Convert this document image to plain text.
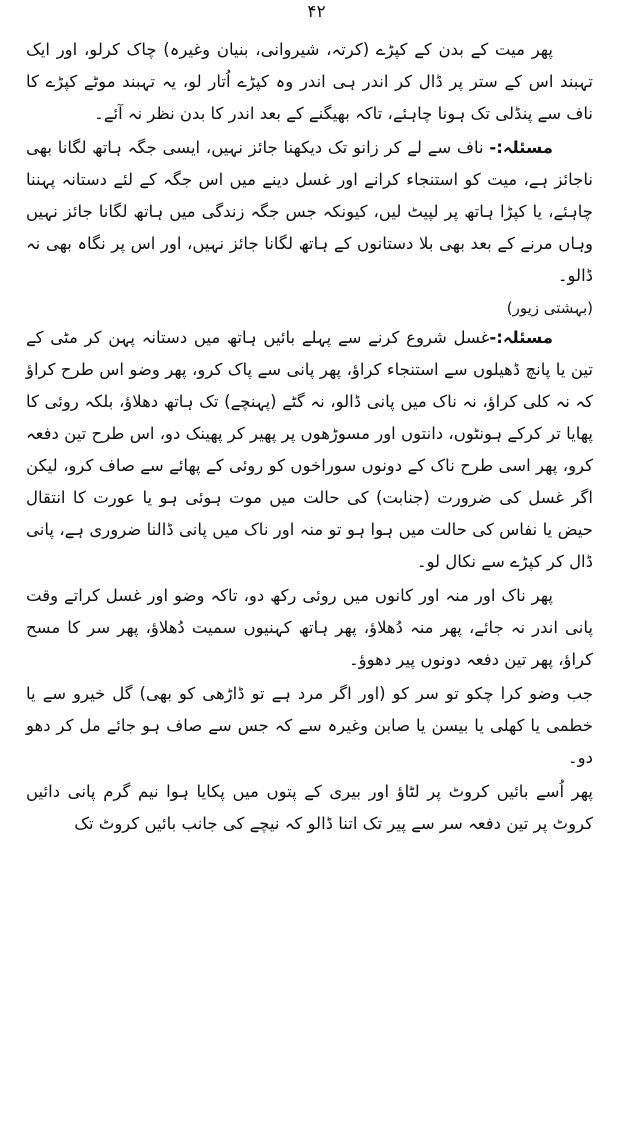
۴۲

پھر میت کے بدن کے کپڑے (کرتہ، شیروانی، بنیان وغیرہ) چاک کرلو، اور ایک تہبند اس کے ستر پر ڈال کر اندر ہی اندر وہ کپڑے اُتار لو، یہ تہبند موٹے کپڑے کا ناف سے پنڈلی تک ہونا چاہئے، تاکہ بھیگنے کے بعد اندر کا بدن نظر نہ آئے۔

مسئلہ:- ناف سے لے کر زانو تک دیکھنا جائز نہیں، ایسی جگہ ہاتھ لگانا بھی ناجائز ہے، میت کو استنجاء کرانے اور غسل دینے میں اس جگہ کے لئے دستانہ پہننا چاہئے، یا کپڑا ہاتھ پر لپیٹ لیں، کیونکہ جس جگہ زندگی میں ہاتھ لگانا جائز نہیں وہاں مرنے کے بعد بھی بلا دستانوں کے ہاتھ لگانا جائز نہیں، اور اس پر نگاہ بھی نہ ڈالو۔

(بہشتی زیور)

مسئلہ:-غسل شروع کرنے سے پہلے بائیں ہاتھ میں دستانہ پہن کر مٹی کے تین یا پانچ ڈھیلوں سے استنجاء کراؤ، پھر پانی سے پاک کرو، پھر وضو اس طرح کراؤ کہ نہ کلی کراؤ، نہ ناک میں پانی ڈالو، نہ گٹے (پہنچے) تک ہاتھ دھلاؤ، بلکہ روئی کا پھایا تر کرکے ہونٹوں، دانتوں اور مسوڑھوں پر پھیر کر پھینک دو، اس طرح تین دفعہ کرو، پھر اسی طرح ناک کے دونوں سوراخوں کو روئی کے پھائے سے صاف کرو، لیکن اگر غسل کی ضرورت (جنابت) کی حالت میں موت ہوئی ہو یا عورت کا انتقال حیض یا نفاس کی حالت میں ہوا ہو تو منہ اور ناک میں پانی ڈالنا ضروری ہے، پانی ڈال کر کپڑے سے نکال لو۔

پھر ناک اور منہ اور کانوں میں روئی رکھ دو، تاکہ وضو اور غسل کراتے وقت پانی اندر نہ جائے، پھر منہ دُھلاؤ، پھر ہاتھ کہنیوں سمیت دُھلاؤ، پھر سر کا مسح کراؤ، پھر تین دفعہ دونوں پیر دھوؤ۔

جب وضو کرا چکو تو سر کو (اور اگر مرد ہے تو ڈاڑھی کو بھی) گل خیرو سے یا خطمی یا کھلی یا بیسن یا صابن وغیرہ سے کہ جس سے صاف ہو جائے مل کر دھو دو۔

پھر اُسے بائیں کروٹ پر لٹاؤ اور بیری کے پتوں میں پکایا ہوا نیم گرم پانی دائیں کروٹ پر تین دفعہ سر سے پیر تک اتنا ڈالو کہ نیچے کی جانب بائیں کروٹ تک
